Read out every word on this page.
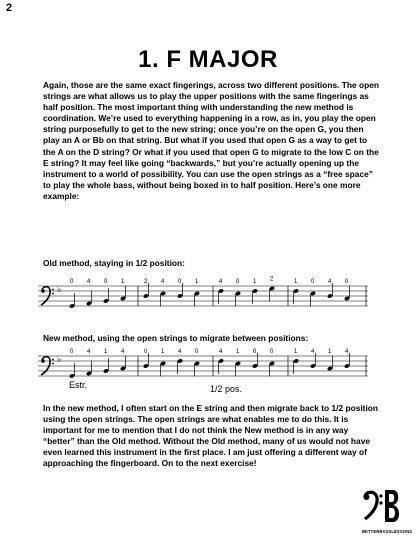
2
1. F MAJOR

Again, those are the same exact fingerings, across two different positions. The open strings are what allows us to play the upper positions with the same fingerings as half position. The most important thing with understanding the new method is coordination. We’re used to everything happening in a row, as in, you play the open string purposefully to get to the new string; once you’re on the open G, you then play an A or Bb on that string. But what if you used that open G as a way to get to the A on the D string? Or what if you used that open G to migrate to the low C on the E string? It may feel like going “backwards,” but you’re actually opening up the instrument to a world of possibility. You can use the open strings as a “free space” to play the whole bass, without being boxed in to half position. Here’s one more example:

Old method, staying in 1/2 position:

♭
0 4 0 1	2 4 0 1	4 0 1 2	1 0 4 0

New method, using the open strings to migrate between positions:

♭
0 4 1 4	0 1 4 0	4 1 0 0	1 4 1 4
Estr.	1/2 pos.

In the new method, I often start on the E string and then migrate back to 1/2 position using the open strings. The open strings are what enables me to do this. It is important for me to mention that I do not think the New method is in any way “better” than the Old method. Without the Old method, many of us would not have even learned this instrument in the first place. I am just offering a different way of approaching the fingerboard. On to the next exercise!

BETTERBASSLESSONS
